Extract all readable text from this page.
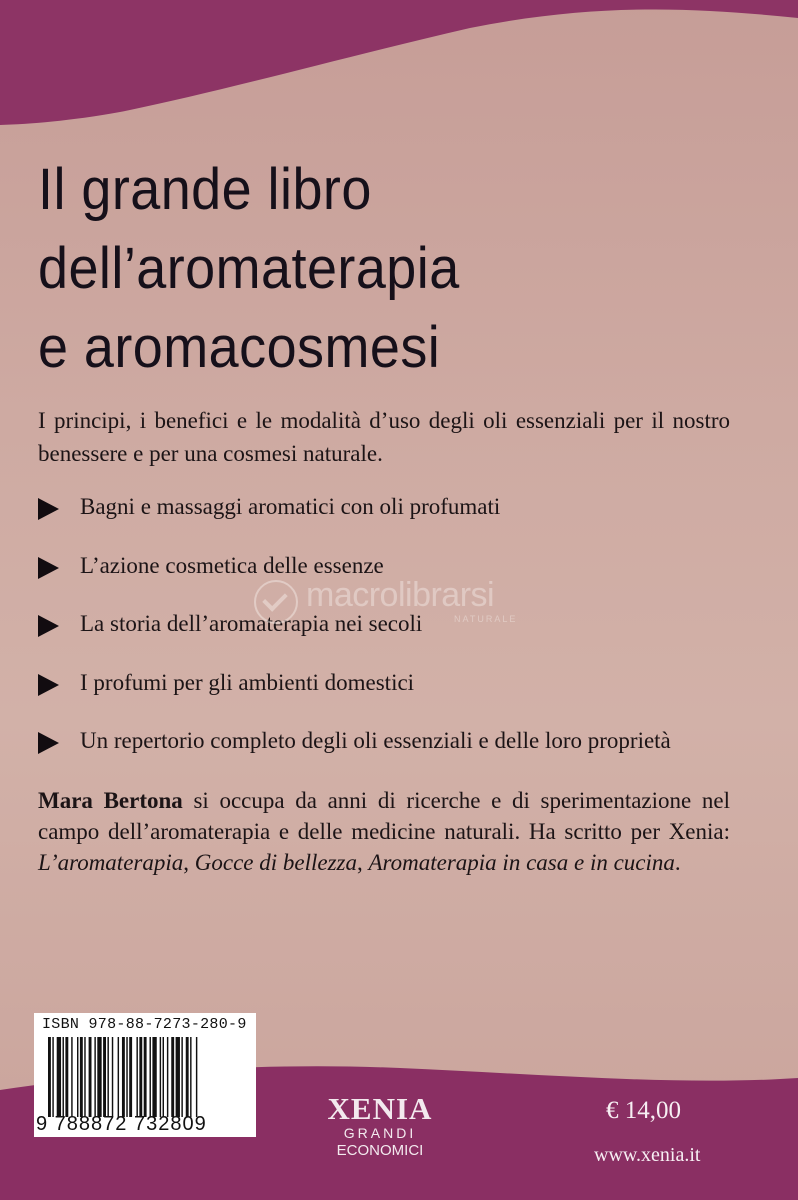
Il grande libro
dell’aromaterapia
e aromacosmesi

I principi, i benefici e le modalità d’uso degli oli essenziali per il nostro benessere e per una cosmesi naturale.

Bagni e massaggi aromatici con oli profumati
L’azione cosmetica delle essenze
La storia dell’aromaterapia nei secoli
I profumi per gli ambienti domestici
Un repertorio completo degli oli essenziali e delle loro proprietà
macrolibrarsi
NATURALE

Mara Bertona si occupa da anni di ricerche e di sperimentazione nel campo dell’aromaterapia e delle medicine naturali. Ha scritto per Xenia: L’aromaterapia, Gocce di bellezza, Aromaterapia in casa e in cucina.

ISBN 978-88-7273-280-9
9 788872 732809	XENIA
GRANDI
ECONOMICI
€ 14,00
www.xenia.it
